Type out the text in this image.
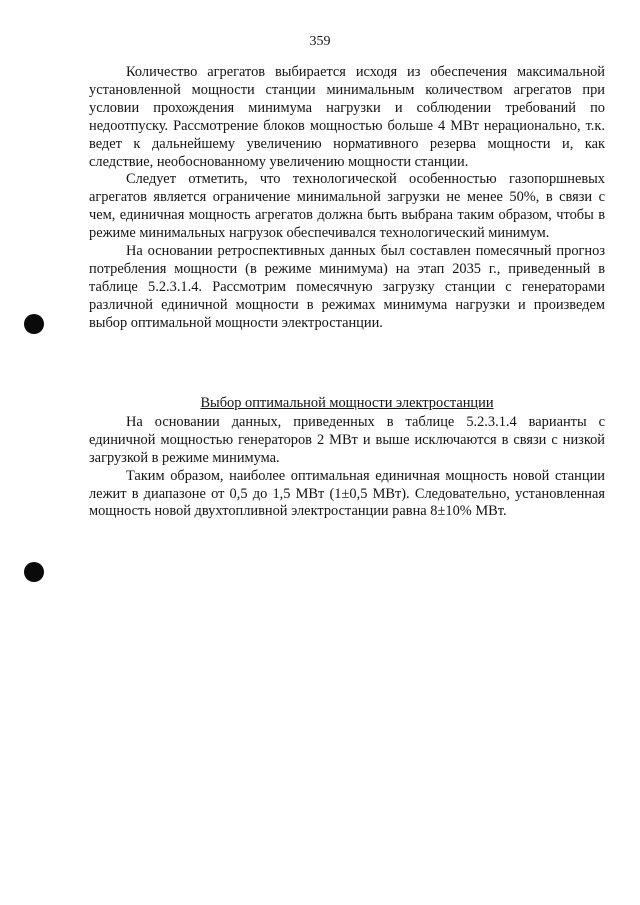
359

Количество агрегатов выбирается исходя из обеспечения максимальной установленной мощности станции минимальным количеством агрегатов при условии прохождения минимума нагрузки и соблюдении требований по недоотпуску. Рассмотрение блоков мощностью больше 4 МВт нерационально, т.к. ведет к дальнейшему увеличению нормативного резерва мощности и, как следствие, необоснованному увеличению мощности станции.

Следует отметить, что технологической особенностью газопоршневых агрегатов является ограничение минимальной загрузки не менее 50%, в связи с чем, единичная мощность агрегатов должна быть выбрана таким образом, чтобы в режиме минимальных нагрузок обеспечивался технологический минимум.

На основании ретроспективных данных был составлен помесячный прогноз потребления мощности (в режиме минимума) на этап 2035 г., приведенный в таблице 5.2.3.1.4. Рассмотрим помесячную загрузку станции с генераторами различной единичной мощности в режимах минимума нагрузки и произведем выбор оптимальной мощности электростанции.

Выбор оптимальной мощности электростанции

На основании данных, приведенных в таблице 5.2.3.1.4 варианты с единичной мощностью генераторов 2 МВт и выше исключаются в связи с низкой загрузкой в режиме минимума.

Таким образом, наиболее оптимальная единичная мощность новой станции лежит в диапазоне от 0,5 до 1,5 МВт (1±0,5 МВт). Следовательно, установленная мощность новой двухтопливной электростанции равна 8±10% МВт.
